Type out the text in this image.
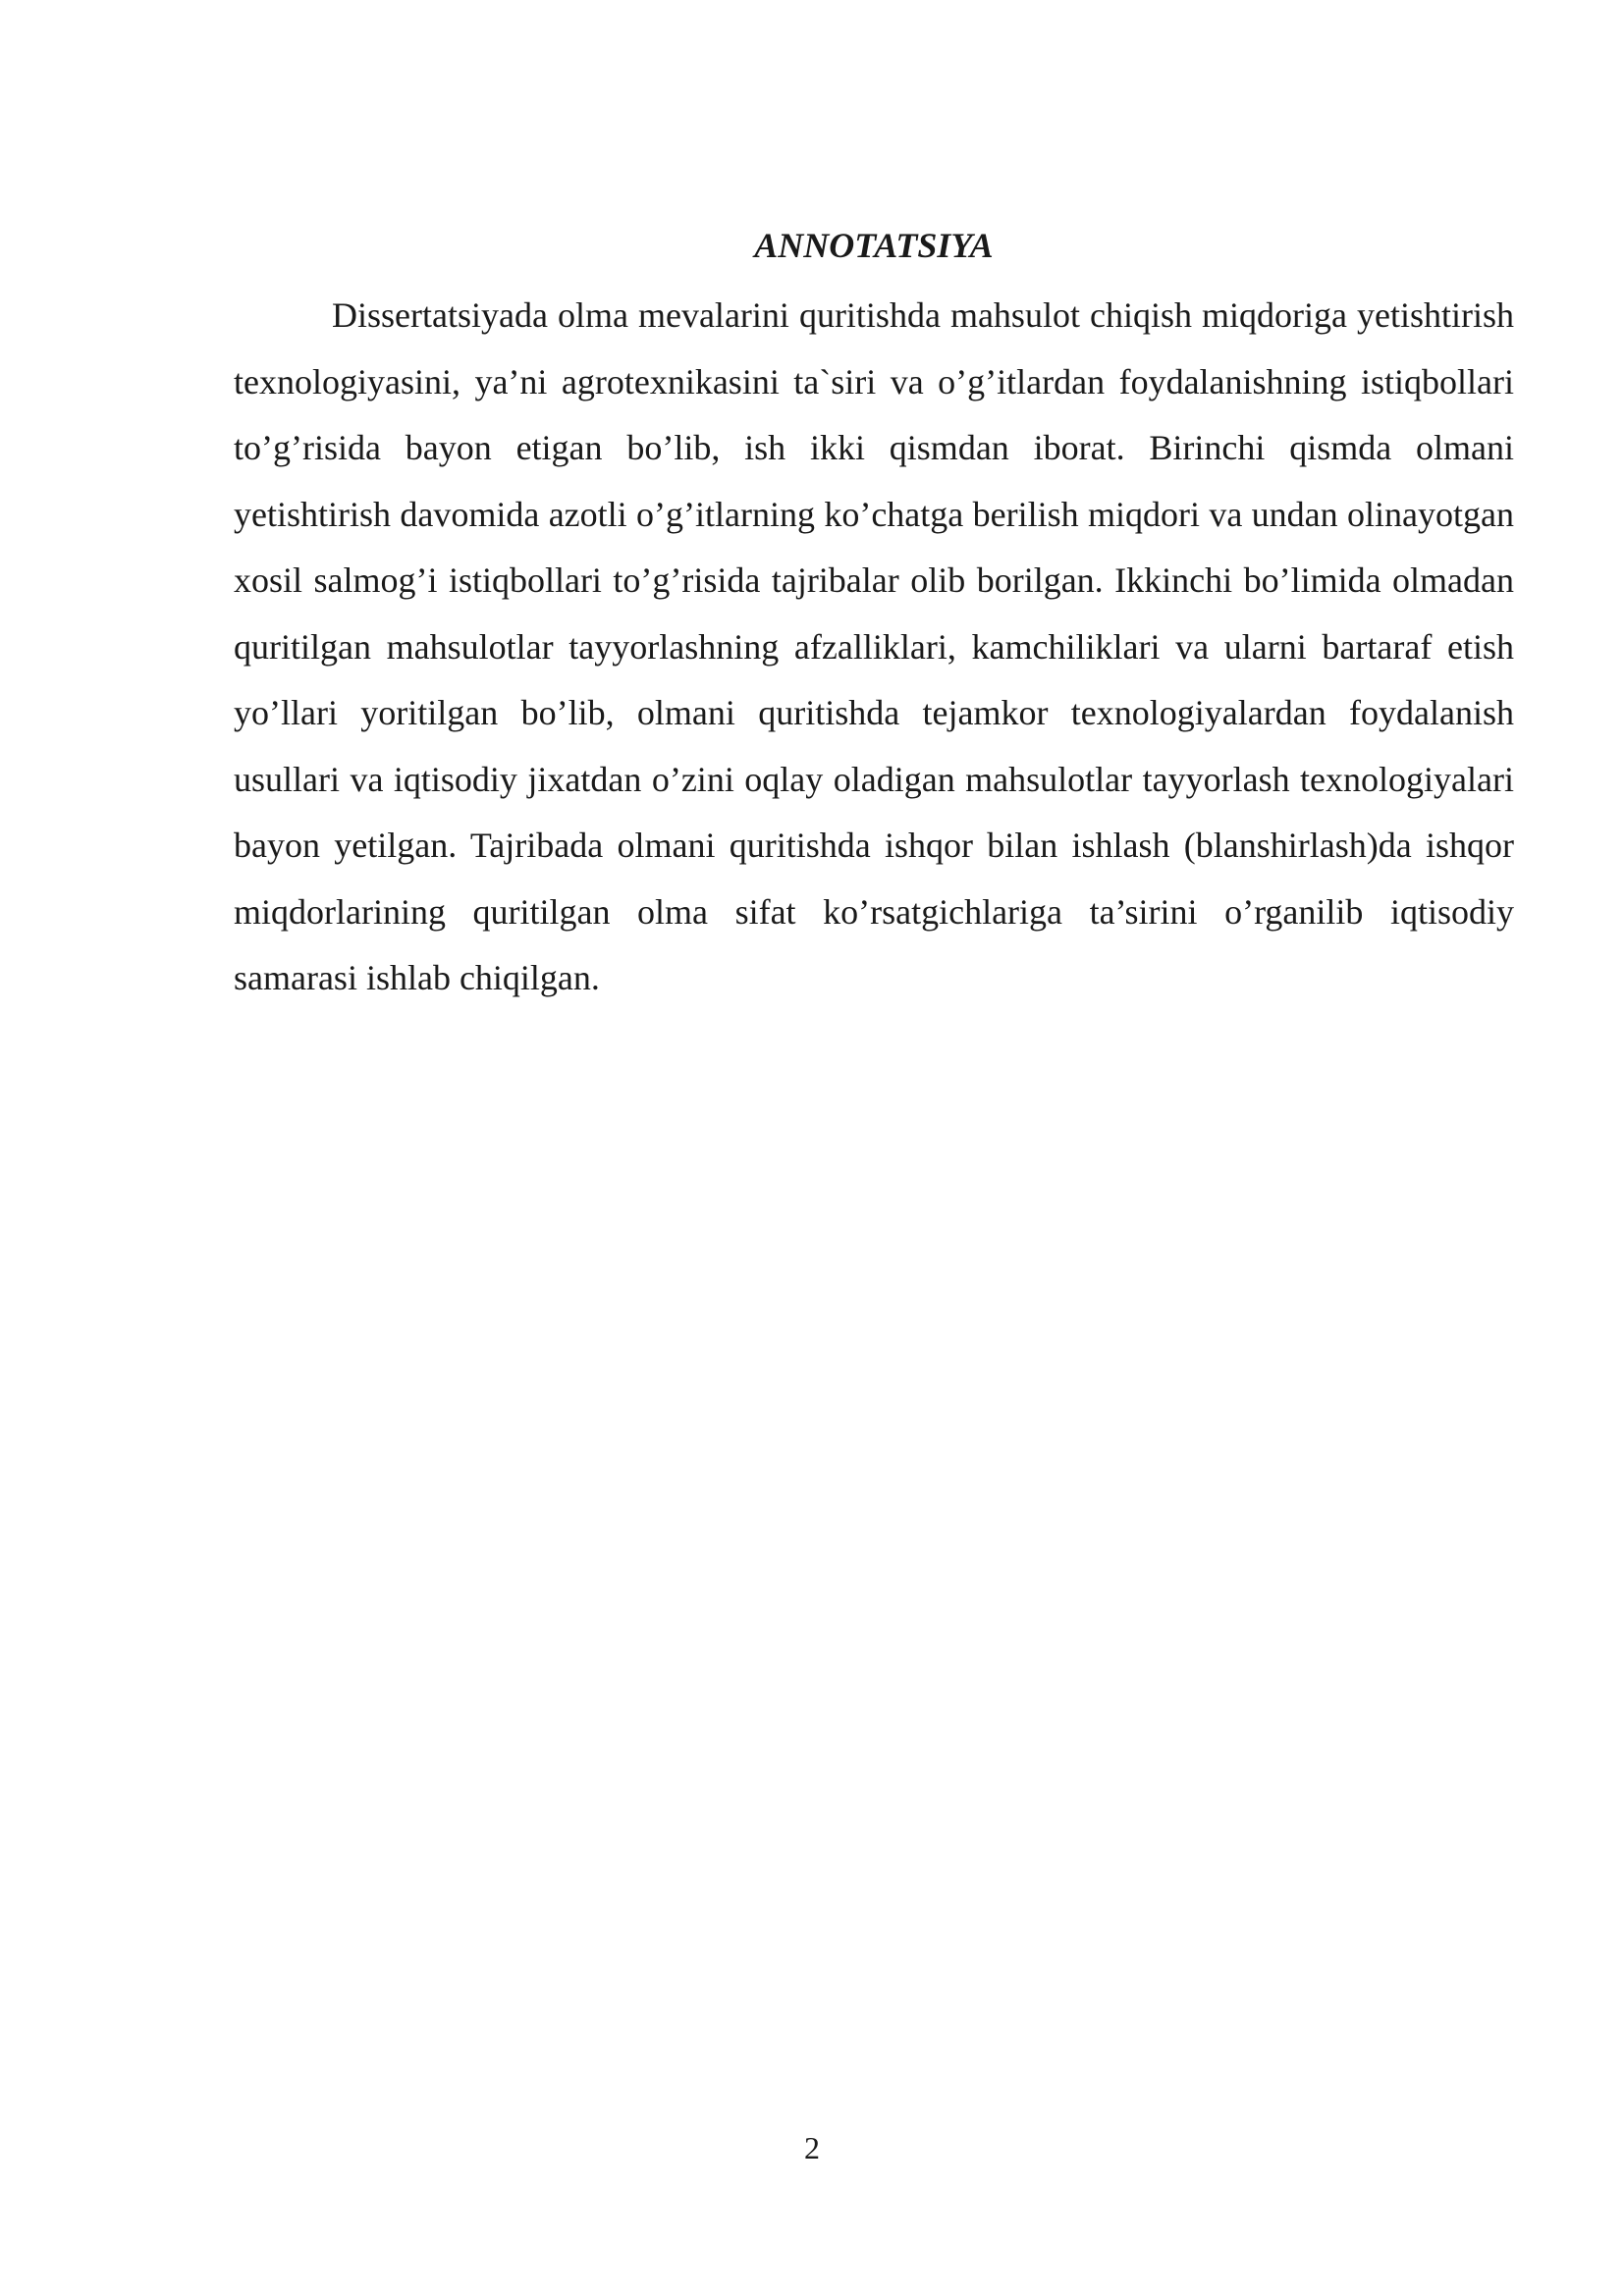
ANNOTATSIYA

Dissertatsiyada olma mevalarini quritishda mahsulot chiqish miqdoriga yetishtirish texnologiyasini, ya’ni agrotexnikasini ta`siri va o’g’itlardan foydalanishning istiqbollari to’g’risida bayon etigan bo’lib, ish ikki qismdan iborat. Birinchi qismda olmani yetishtirish davomida azotli o’g’itlarning ko’chatga berilish miqdori va undan olinayotgan xosil salmog’i istiqbollari to’g’risida tajribalar olib borilgan. Ikkinchi bo’limida olmadan quritilgan mahsulotlar tayyorlashning afzalliklari, kamchiliklari va ularni bartaraf etish yo’llari yoritilgan bo’lib, olmani quritishda tejamkor texnologiyalardan foydalanish usullari va iqtisodiy jixatdan o’zini oqlay oladigan mahsulotlar tayyorlash texnologiyalari bayon yetilgan. Tajribada olmani quritishda ishqor bilan ishlash (blanshirlash)da ishqor miqdorlarining quritilgan olma sifat ko’rsatgichlariga ta’sirini o’rganilib iqtisodiy samarasi ishlab chiqilgan.

2
